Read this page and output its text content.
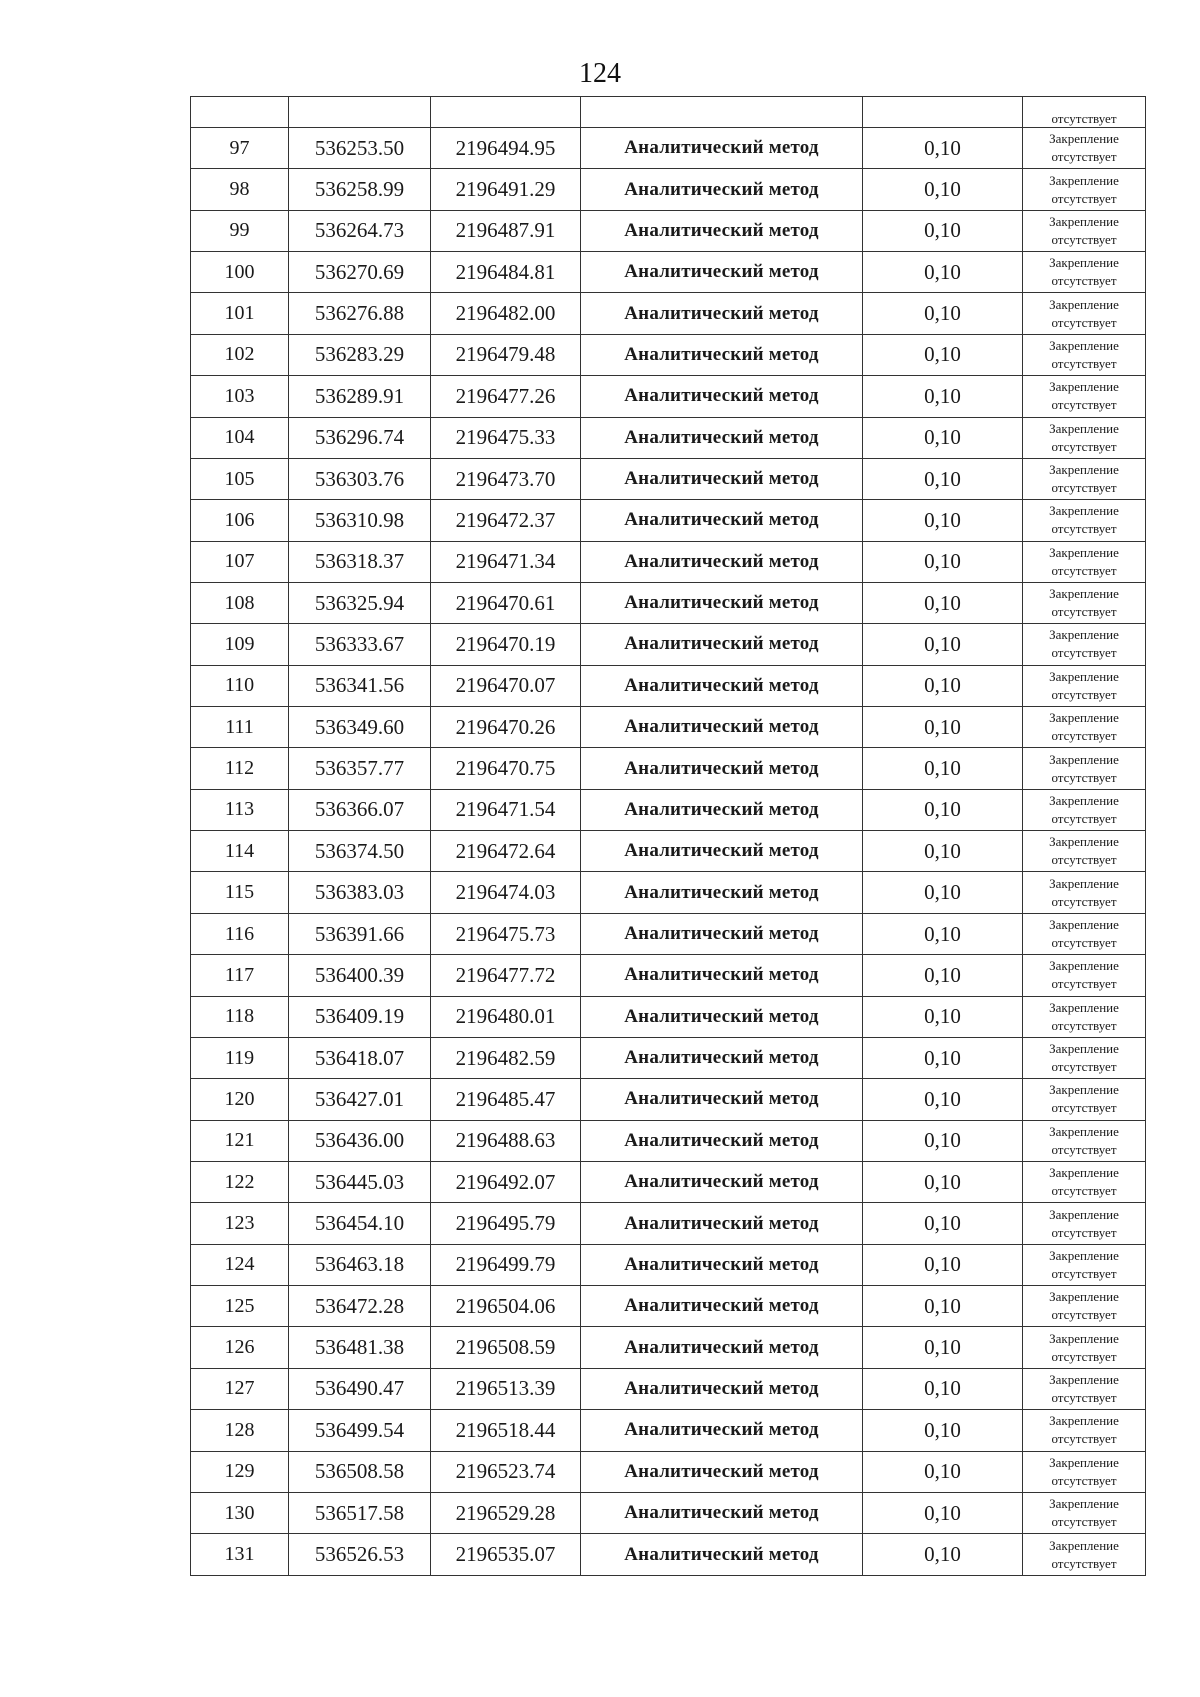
124
					отсутствует
97	536253.50	2196494.95	Аналитический метод	0,10	Закрепление
отсутствует

98	536258.99	2196491.29	Аналитический метод	0,10	Закрепление
отсутствует

99	536264.73	2196487.91	Аналитический метод	0,10	Закрепление
отсутствует

100	536270.69	2196484.81	Аналитический метод	0,10	Закрепление
отсутствует

101	536276.88	2196482.00	Аналитический метод	0,10	Закрепление
отсутствует

102	536283.29	2196479.48	Аналитический метод	0,10	Закрепление
отсутствует

103	536289.91	2196477.26	Аналитический метод	0,10	Закрепление
отсутствует

104	536296.74	2196475.33	Аналитический метод	0,10	Закрепление
отсутствует

105	536303.76	2196473.70	Аналитический метод	0,10	Закрепление
отсутствует

106	536310.98	2196472.37	Аналитический метод	0,10	Закрепление
отсутствует

107	536318.37	2196471.34	Аналитический метод	0,10	Закрепление
отсутствует

108	536325.94	2196470.61	Аналитический метод	0,10	Закрепление
отсутствует

109	536333.67	2196470.19	Аналитический метод	0,10	Закрепление
отсутствует

110	536341.56	2196470.07	Аналитический метод	0,10	Закрепление
отсутствует

111	536349.60	2196470.26	Аналитический метод	0,10	Закрепление
отсутствует

112	536357.77	2196470.75	Аналитический метод	0,10	Закрепление
отсутствует

113	536366.07	2196471.54	Аналитический метод	0,10	Закрепление
отсутствует

114	536374.50	2196472.64	Аналитический метод	0,10	Закрепление
отсутствует

115	536383.03	2196474.03	Аналитический метод	0,10	Закрепление
отсутствует

116	536391.66	2196475.73	Аналитический метод	0,10	Закрепление
отсутствует

117	536400.39	2196477.72	Аналитический метод	0,10	Закрепление
отсутствует

118	536409.19	2196480.01	Аналитический метод	0,10	Закрепление
отсутствует

119	536418.07	2196482.59	Аналитический метод	0,10	Закрепление
отсутствует

120	536427.01	2196485.47	Аналитический метод	0,10	Закрепление
отсутствует

121	536436.00	2196488.63	Аналитический метод	0,10	Закрепление
отсутствует

122	536445.03	2196492.07	Аналитический метод	0,10	Закрепление
отсутствует

123	536454.10	2196495.79	Аналитический метод	0,10	Закрепление
отсутствует

124	536463.18	2196499.79	Аналитический метод	0,10	Закрепление
отсутствует

125	536472.28	2196504.06	Аналитический метод	0,10	Закрепление
отсутствует

126	536481.38	2196508.59	Аналитический метод	0,10	Закрепление
отсутствует

127	536490.47	2196513.39	Аналитический метод	0,10	Закрепление
отсутствует

128	536499.54	2196518.44	Аналитический метод	0,10	Закрепление
отсутствует

129	536508.58	2196523.74	Аналитический метод	0,10	Закрепление
отсутствует

130	536517.58	2196529.28	Аналитический метод	0,10	Закрепление
отсутствует

131	536526.53	2196535.07	Аналитический метод	0,10	Закрепление
отсутствует
